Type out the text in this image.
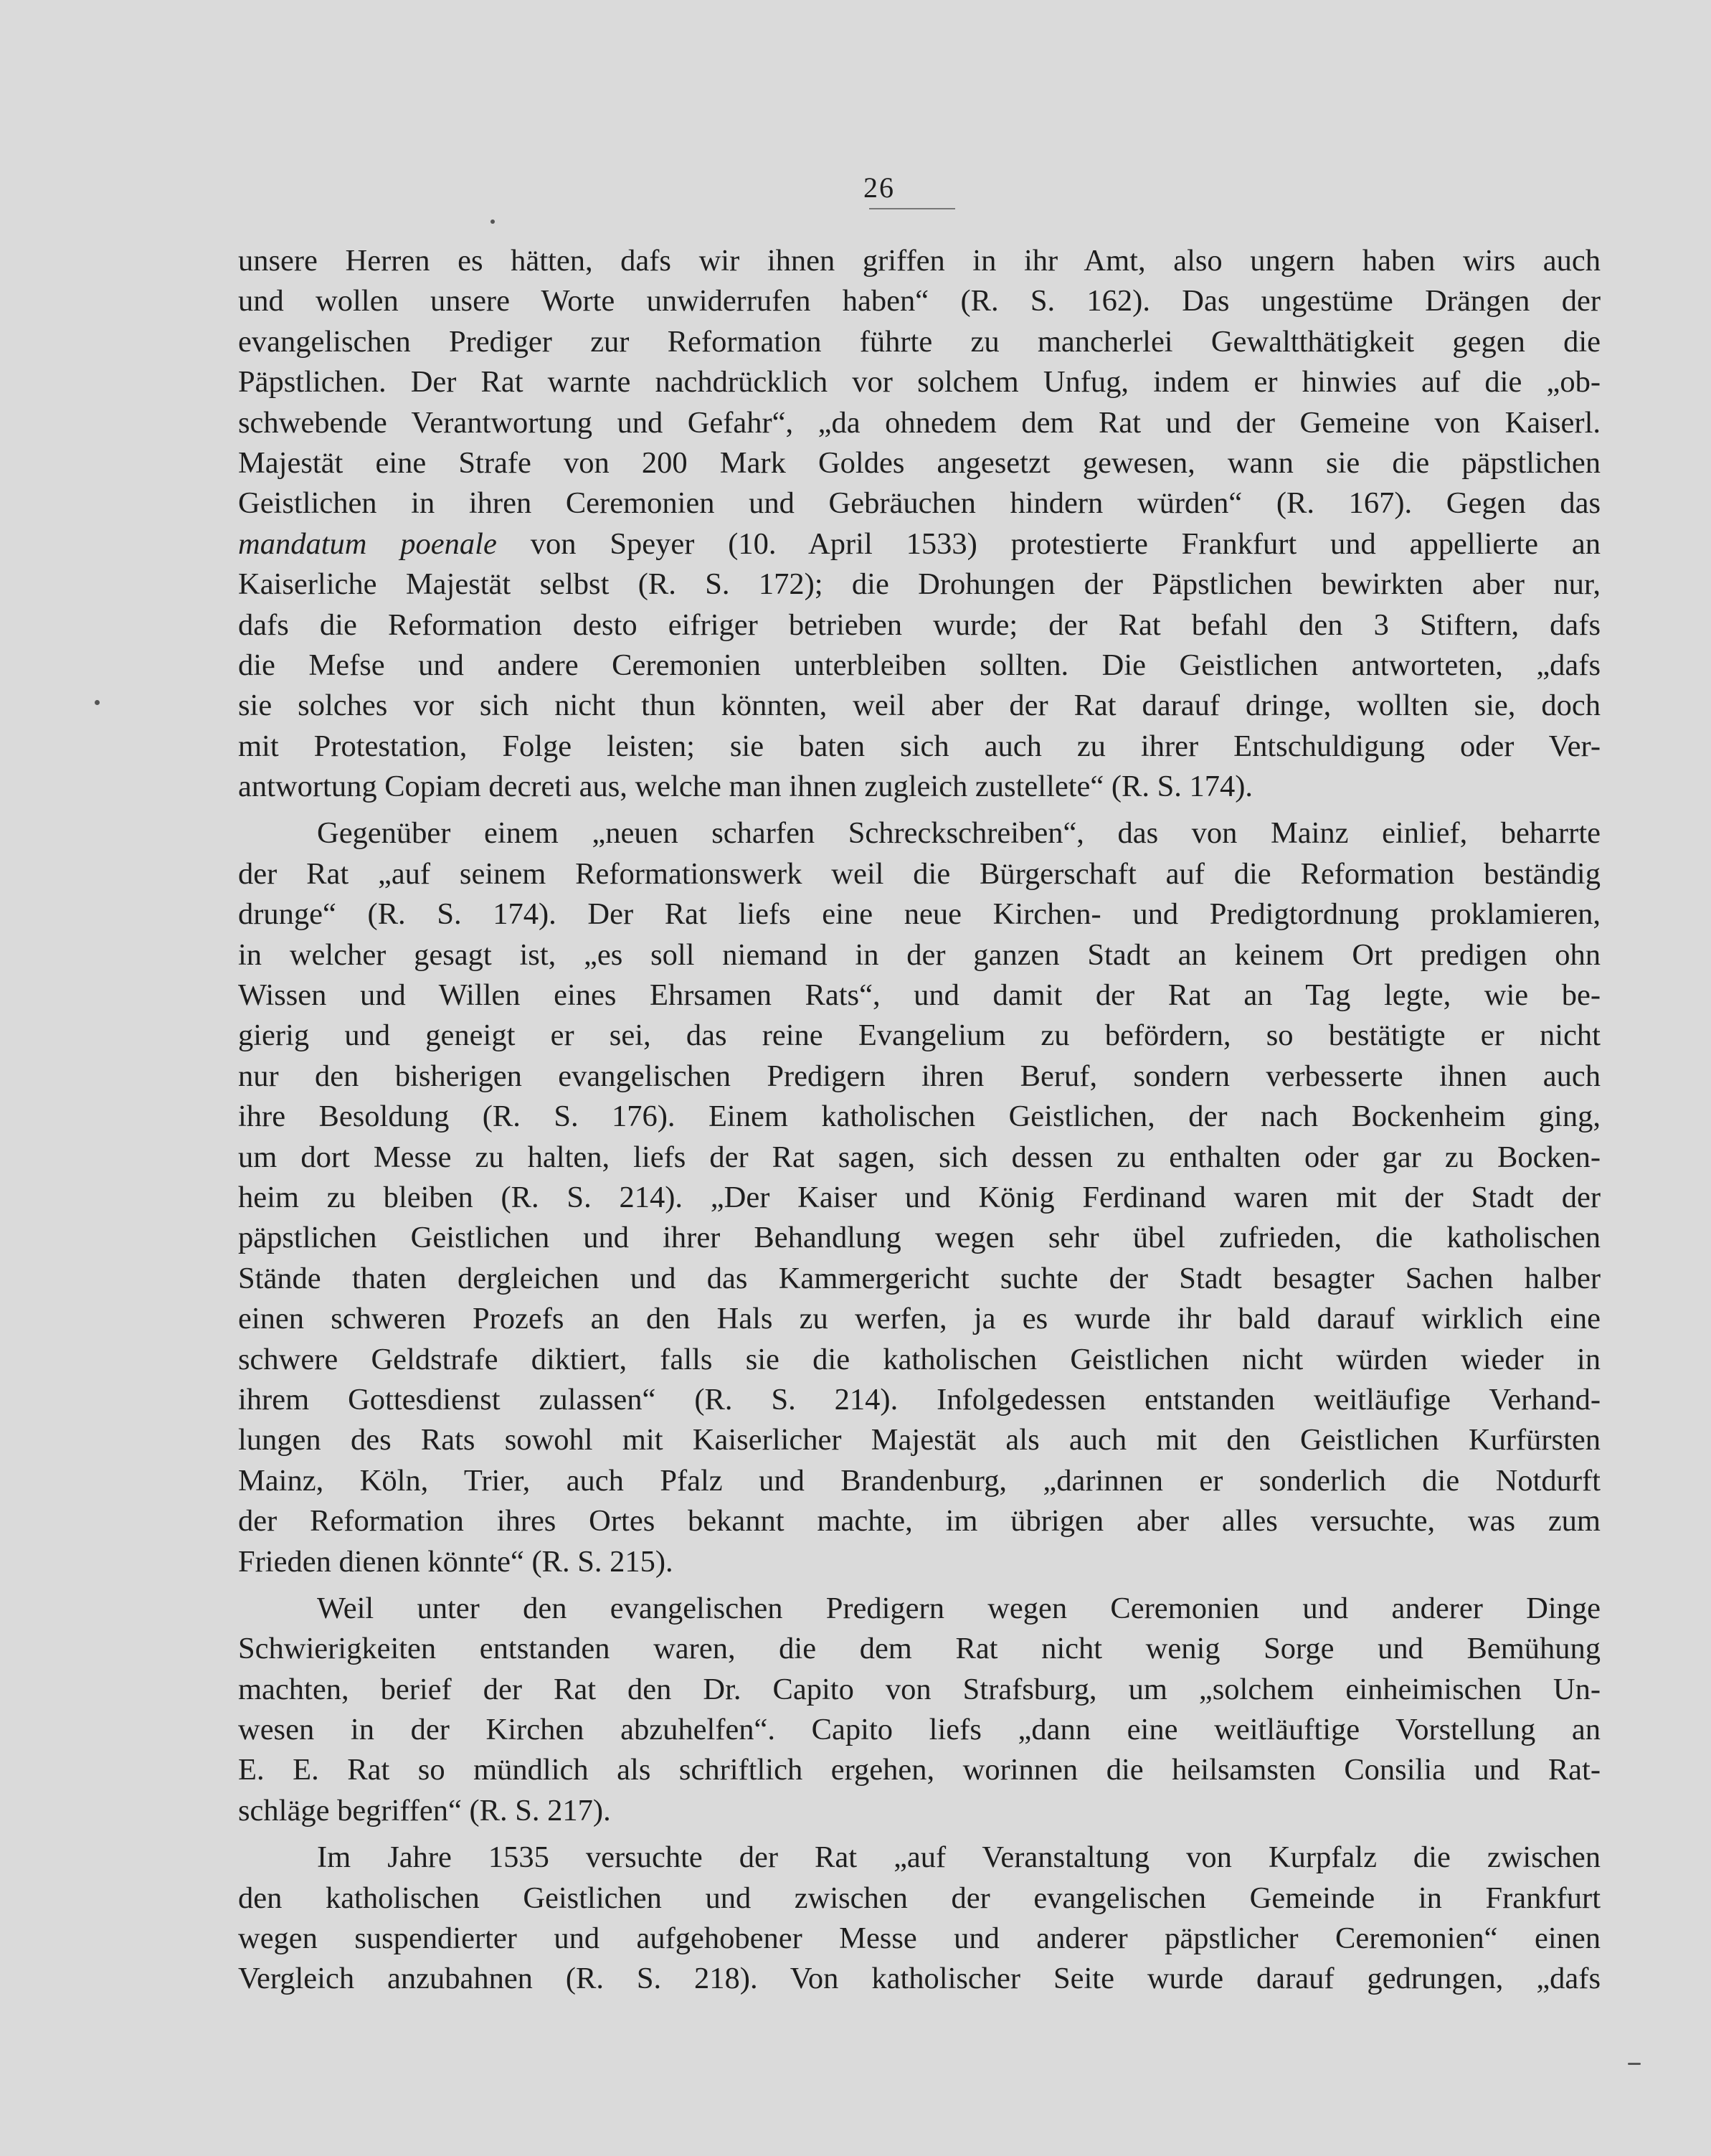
26
unsere Herren es hätten, dafs wir ihnen griffen in ihr Amt, also ungern haben wirs auch
und wollen unsere Worte unwiderrufen haben“ (R. S. 162). Das ungestüme Drängen der
evangelischen Prediger zur Reformation führte zu mancherlei Gewaltthätigkeit gegen die
Päpstlichen. Der Rat warnte nachdrücklich vor solchem Unfug, indem er hinwies auf die „ob-
schwebende Verantwortung und Gefahr“, „da ohnedem dem Rat und der Gemeine von Kaiserl.
Majestät eine Strafe von 200 Mark Goldes angesetzt gewesen, wann sie die päpstlichen
Geistlichen in ihren Ceremonien und Gebräuchen hindern würden“ (R. 167). Gegen das
mandatum poenale von Speyer (10. April 1533) protestierte Frankfurt und appellierte an
Kaiserliche Majestät selbst (R. S. 172); die Drohungen der Päpstlichen bewirkten aber nur,
dafs die Reformation desto eifriger betrieben wurde; der Rat befahl den 3 Stiftern, dafs
die Mefse und andere Ceremonien unterbleiben sollten. Die Geistlichen antworteten, „dafs
sie solches vor sich nicht thun könnten, weil aber der Rat darauf dringe, wollten sie, doch
mit Protestation, Folge leisten; sie baten sich auch zu ihrer Entschuldigung oder Ver-
antwortung Copiam decreti aus, welche man ihnen zugleich zustellete“ (R. S. 174).
Gegenüber einem „neuen scharfen Schreckschreiben“, das von Mainz einlief, beharrte
der Rat „auf seinem Reformationswerk weil die Bürgerschaft auf die Reformation beständig
drunge“ (R. S. 174). Der Rat liefs eine neue Kirchen- und Predigtordnung proklamieren,
in welcher gesagt ist, „es soll niemand in der ganzen Stadt an keinem Ort predigen ohn
Wissen und Willen eines Ehrsamen Rats“, und damit der Rat an Tag legte, wie be-
gierig und geneigt er sei, das reine Evangelium zu befördern, so bestätigte er nicht
nur den bisherigen evangelischen Predigern ihren Beruf, sondern verbesserte ihnen auch
ihre Besoldung (R. S. 176). Einem katholischen Geistlichen, der nach Bockenheim ging,
um dort Messe zu halten, liefs der Rat sagen, sich dessen zu enthalten oder gar zu Bocken-
heim zu bleiben (R. S. 214). „Der Kaiser und König Ferdinand waren mit der Stadt der
päpstlichen Geistlichen und ihrer Behandlung wegen sehr übel zufrieden, die katholischen
Stände thaten dergleichen und das Kammergericht suchte der Stadt besagter Sachen halber
einen schweren Prozefs an den Hals zu werfen, ja es wurde ihr bald darauf wirklich eine
schwere Geldstrafe diktiert, falls sie die katholischen Geistlichen nicht würden wieder in
ihrem Gottesdienst zulassen“ (R. S. 214). Infolgedessen entstanden weitläufige Verhand-
lungen des Rats sowohl mit Kaiserlicher Majestät als auch mit den Geistlichen Kurfürsten
Mainz, Köln, Trier, auch Pfalz und Brandenburg, „darinnen er sonderlich die Notdurft
der Reformation ihres Ortes bekannt machte, im übrigen aber alles versuchte, was zum
Frieden dienen könnte“ (R. S. 215).
Weil unter den evangelischen Predigern wegen Ceremonien und anderer Dinge
Schwierigkeiten entstanden waren, die dem Rat nicht wenig Sorge und Bemühung
machten, berief der Rat den Dr. Capito von Strafsburg, um „solchem einheimischen Un-
wesen in der Kirchen abzuhelfen“. Capito liefs „dann eine weitläuftige Vorstellung an
E. E. Rat so mündlich als schriftlich ergehen, worinnen die heilsamsten Consilia und Rat-
schläge begriffen“ (R. S. 217).
Im Jahre 1535 versuchte der Rat „auf Veranstaltung von Kurpfalz die zwischen
den katholischen Geistlichen und zwischen der evangelischen Gemeinde in Frankfurt
wegen suspendierter und aufgehobener Messe und anderer päpstlicher Ceremonien“ einen
Vergleich anzubahnen (R. S. 218). Von katholischer Seite wurde darauf gedrungen, „dafs
